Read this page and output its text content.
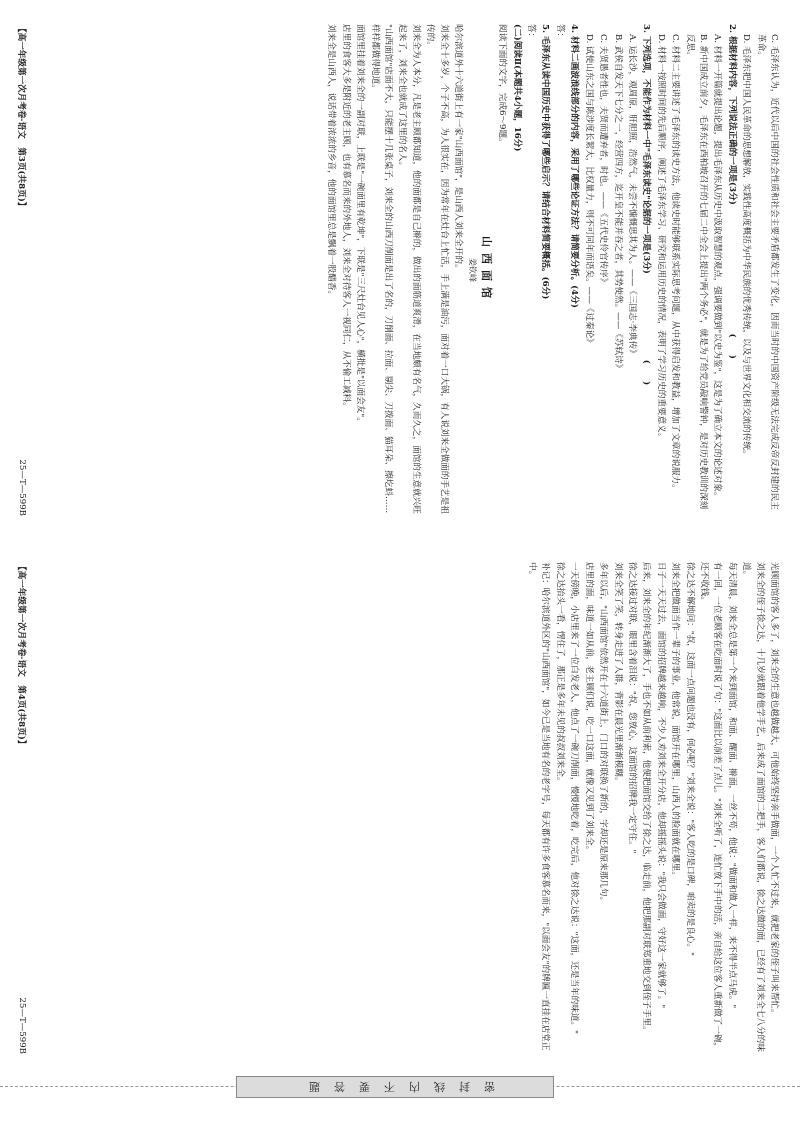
C. 毛泽东认为，近代以后中国的社会性质和社会主要矛盾都发生了变化，因而当时的中国资产阶级无法完成反帝反封建的民主革命。

D. 毛泽东把中国人民革命的思想解放，实践性高度概括为中华民族的优秀传统，以及与世界文化相交流的传统。

2. 根据材料内容，下列说法正确的一项是(3分)　　　　　　　　　　　　　　　(　　)

A. 材料一开篇就提出论题，提出毛泽东从历史中汲取智慧的观点，强调要做到"以史为鉴"，这是为了确立本文的论述对象。

B. 新中国成立前夕，毛泽东在西柏坡召开的七届二中全会上提出"两个务必"，就是为了给党员敲响警钟，是对历史教训的深刻反思。

C. 材料二主要讲述了毛泽东的读史方法，他读史时能够联系实际思考问题，从中获得启发和教益，增加了文章的说服力。

D. 材料一按照时间的先后顺序，阐述了毛泽东学习、研究和运用历史的情况，表明了学习历史的重要意义。

3. 下列选项，不能作为材料一中"毛泽东读史"论据的一项是(3分)　　　　　　　　　　(　　)

A. 运长沙，观周原，肝胆照，浩然气，未尝不慷慨思其为人。——《三国志·李典传》

B. 武侯自发天下七分之一，经营四方，迄开皇不能并吞之者，其势使然。——《苏轼诗》

C. 夫贤愚者性也，夫贤而遭弃者，时也。——《五代史伶官传序》

D. 试使山东之国与陈涉度长絜大，比权量力，则不可同年而语矣。——《过秦论》

4. 材料二画波浪线部分的内容，采用了哪些论证方法？请简要分析。(4分)

答：

5. 毛泽东从读中国历史中获得了哪些启示？请结合材料简要概括。(6分)

答：

(二)阅读Ⅱ(本题共4小题，16分)

阅读下面的文字，完成6～9题。

山西面馆
姜钦峰

哈尔滨道外十六道街上有一家"山西面馆"，是山西人刘来全开的。

刘来全十多岁，个子不高，为人很实在，因为常年在灶台上忙活，手上满是油污，面对着一口大锅，有人说刘来全做面的手艺是祖传的。

刘来全为人本分，凡是老主顾都知道，他的面都是自己擀的，做出的面筋道爽滑，在当地颇有名气，久而久之，面馆的生意就兴旺起来了，刘来全也就成了这里的名人。

"山西面馆"店面不大，只能摆十几张桌子，刘来全的山西刀削面是出了名的，刀削面、拉面、剔尖、刀拨面、猫耳朵、擦圪蚪……样样都做得地道。

面馆里挂着刘来全的一副对联，上联是"一碗面里有乾坤"，下联是"三尺灶台见人心"，横批是"以面会友"。

店里的食客大多是附近的老主顾，也有慕名而来的外地人，刘来全对待客人一视同仁，从不偷工减料。

刘来全是山西人，说话带着浓浓的乡音，他的面馆里总是飘着一股醋香。

【高一年级第一次月考卷·语文　第3页(共8页)】
25—T—599B

光顾面馆的客人多了，刘来全的生意也越做越大，可他始终坚持亲手做面，一个人忙不过来，就把老家的侄子叫来帮忙。

刘来全的侄子徐之达，十几岁就跟着他学手艺，后来成了面馆的二把手，客人们都说，徐之达做的面，已经有了刘来全七八分的味道。

每天清晨，刘来全总是第一个来到面馆，和面、醒面、擀面，一丝不苟，他说："做面和做人一样，来不得半点马虎。"

有一回，一位老顾客在吃面时说了句："这面比以前差了点儿。"刘来全听了，连忙放下手中的活，亲自给这位客人重新做了一碗，还不收钱。

徐之达不解地问："叔，这面一点问题也没有，何必呢？"刘来全说："客人吃的是口碑，咱卖的是良心。"

刘来全把做面当作一辈子的事业，他常说，面馆开在哪里，山西人的脸面就在哪里。

日子一天天过去，面馆的招牌越来越响，不少人劝刘来全开分店，他却摇摇头说："我只会做面，守好这一家就够了。"

后来，刘来全的年纪渐渐大了，手也不如从前利索，他便把面馆交给了徐之达，临走前，他把那副对联郑重地交到侄子手里。

徐之达接过对联，眼里含着泪说："叔，您放心，这面馆的招牌我一定守住。"

刘来全笑了笑，转身走进了人群，背影在晨光里渐渐模糊。

多年以后，"山西面馆"依然开在十六道街上，门口的对联换了新的，字却还是原来那几句。

店里的面，味道一如从前，老主顾们说，吃一口这面，就像又见到了刘来全。

一天傍晚，小店里来了一位白发老人，他点了一碗刀削面，慢慢地吃着，吃完后，他对徐之达说："这面，还是当年的味道。"

徐之达抬头一看，愣住了，那正是多年未见的叔叔刘来全。

补记：哈尔滨道外区的"山西面馆"，如今已是当地有名的老字号，每天都有许多食客慕名而来，"以面会友"的牌匾一直挂在店堂正中。

【高一年级第一次月考卷·语文　第4页(共8页)】
25—T—599B
密封线内不要答题
